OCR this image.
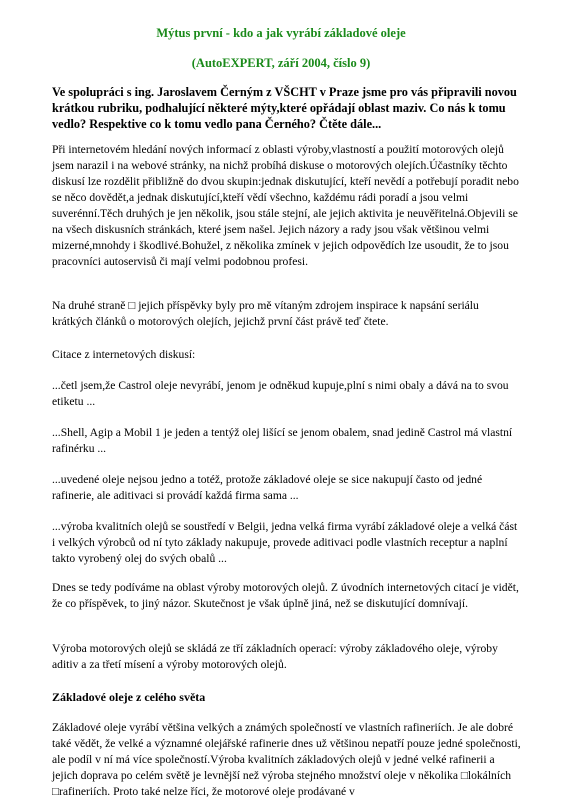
Mýtus první - kdo a jak vyrábí základové oleje
(AutoEXPERT, září 2004, číslo 9)
Ve spolupráci s ing. Jaroslavem Černým z VŠCHT v Praze jsme pro vás připravili novou krátkou rubriku, podhalující některé mýty,které opřádají oblast maziv. Co nás k tomu vedlo? Respektive co k tomu vedlo pana Černého? Čtěte dále...
Při internetovém hledání nových informací z oblasti výroby,vlastností a použití motorových olejů jsem narazil i na webové stránky, na nichž probíhá diskuse o motorových olejích.Účastníky těchto diskusí lze rozdělit přibližně do dvou skupin:jednak diskutující, kteří nevědí a potřebují poradit nebo se něco dovědět,a jednak diskutující,kteří vědí všechno, každému rádi poradí a jsou velmi suverénní.Těch druhých je jen několik, jsou stále stejní, ale jejich aktivita je neuvěřitelná.Objevili se na všech diskusních stránkách, které jsem našel. Jejich názory a rady jsou však většinou velmi mizerné,mnohdy i škodlivé.Bohužel, z několika zmínek v jejich odpovědích lze usoudit, že to jsou pracovníci autoservisů či mají velmi podobnou profesi.
Na druhé straně □ jejich příspěvky byly pro mě vítaným zdrojem inspirace k napsání seriálu krátkých článků o motorových olejích, jejichž první část právě teď čtete.
Citace z internetových diskusí:
...četl jsem,že Castrol oleje nevyrábí, jenom je odněkud kupuje,plní s nimi obaly a dává na to svou etiketu ...
...Shell, Agip a Mobil 1 je jeden a tentýž olej lišící se jenom obalem, snad jedině Castrol má vlastní rafinérku ...
...uvedené oleje nejsou jedno a totéž, protože základové oleje se sice nakupují často od jedné rafinerie, ale aditivaci si provádí každá firma sama ...
...výroba kvalitních olejů se soustředí v Belgii, jedna velká firma vyrábí základové oleje a velká část i velkých výrobců od ní tyto základy nakupuje, provede aditivaci podle vlastních receptur a naplní takto vyrobený olej do svých obalů ...
Dnes se tedy podíváme na oblast výroby motorových olejů. Z úvodních internetových citací je vidět, že co příspěvek, to jiný názor. Skutečnost je však úplně jiná, než se diskutující domnívají.
Výroba motorových olejů se skládá ze tří základních operací: výroby základového oleje, výroby aditiv a za třetí mísení a výroby motorových olejů.
Základové oleje z celého světa
Základové oleje vyrábí většina velkých a známých společností ve vlastních rafineriích. Je ale dobré také vědět, že velké a významné olejářské rafinerie dnes už většinou nepatří pouze jedné společnosti, ale podíl v ní má více společností.Výroba kvalitních základových olejů v jedné velké rafinerii a jejich doprava po celém světě je levnější než výroba stejného množství oleje v několika □lokálních □rafineriích. Proto také nelze říci, že motorové oleje prodávané v
